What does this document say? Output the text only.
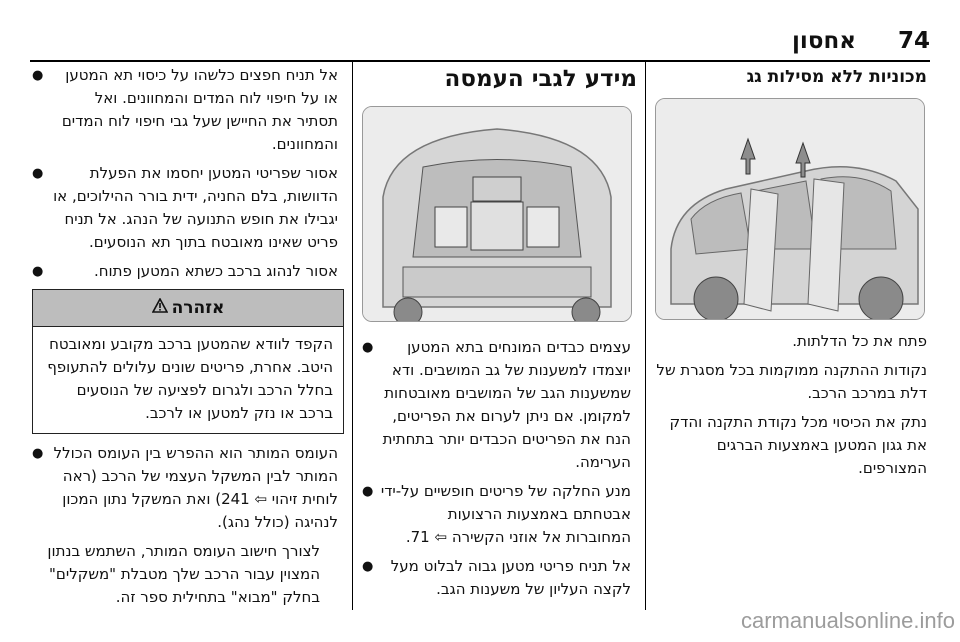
אחסון	74
מכוניות ללא מסילות גג
פתח את כל הדלתות.
נקודות ההתקנה ממוקמות בכל מסגרת של דלת במרכב הרכב.
נתק את הכיסוי מכל נקודת התקנה והדק את גגון המטען באמצעות הברגים המצורפים.
מידע לגבי העמסה
●	עצמים כבדים המונחים בתא המטען יוצמדו למשענות של גב המושבים. ודא שמשענות הגב של המושבים מאובטחות למקומן. אם ניתן לערום את הפריטים, הנח את הפריטים הכבדים יותר בתחתית הערימה.
● מנע החלקה של פריטים חופשיים על-ידי אבטחתם באמצעות הרצועות המחוברות אל אוזני הקשירה ⇦ 71.
●	אל תניח פריטי מטען גבוה לבלוט מעל לקצה העליון של משענות הגב.
●	אל תניח חפצים כלשהו על כיסוי תא המטען או על חיפוי לוח המדים והמחוונים. ואל תסתיר את החיישן שעל גבי חיפוי לוח המדים והמחוונים.
●	אסור שפריטי המטען יחסמו את הפעלת הדוושות, בלם החניה, ידית בורר ההילוכים, או יגבילו את חופש התנועה של הנהג. אל תניח פריט שאינו מאובטח בתוך תא הנוסעים.
●	אסור לנהוג ברכב כשתא המטען פתוח.
אזהרה
הקפד לוודא שהמטען ברכב מקובע ומאובטח היטב. אחרת, פריטים שונים עלולים להתעופף בחלל הרכב ולגרום לפציעה של הנוסעים ברכב או נזק למטען או לרכב.
● העומס המותר הוא ההפרש בין העומס הכולל המותר לבין המשקל העצמי של הרכב (ראה לוחית זיהוי ⇦ 241) ואת המשקל נתון המכון לנהיגה (כולל נהג).
לצורך חישוב העומס המותר, השתמש בנתון המצוין עבור הרכב שלך מטבלת "משקלים" בחלק "מבוא" בתחילית ספר זה.
carmanualsonline.info
